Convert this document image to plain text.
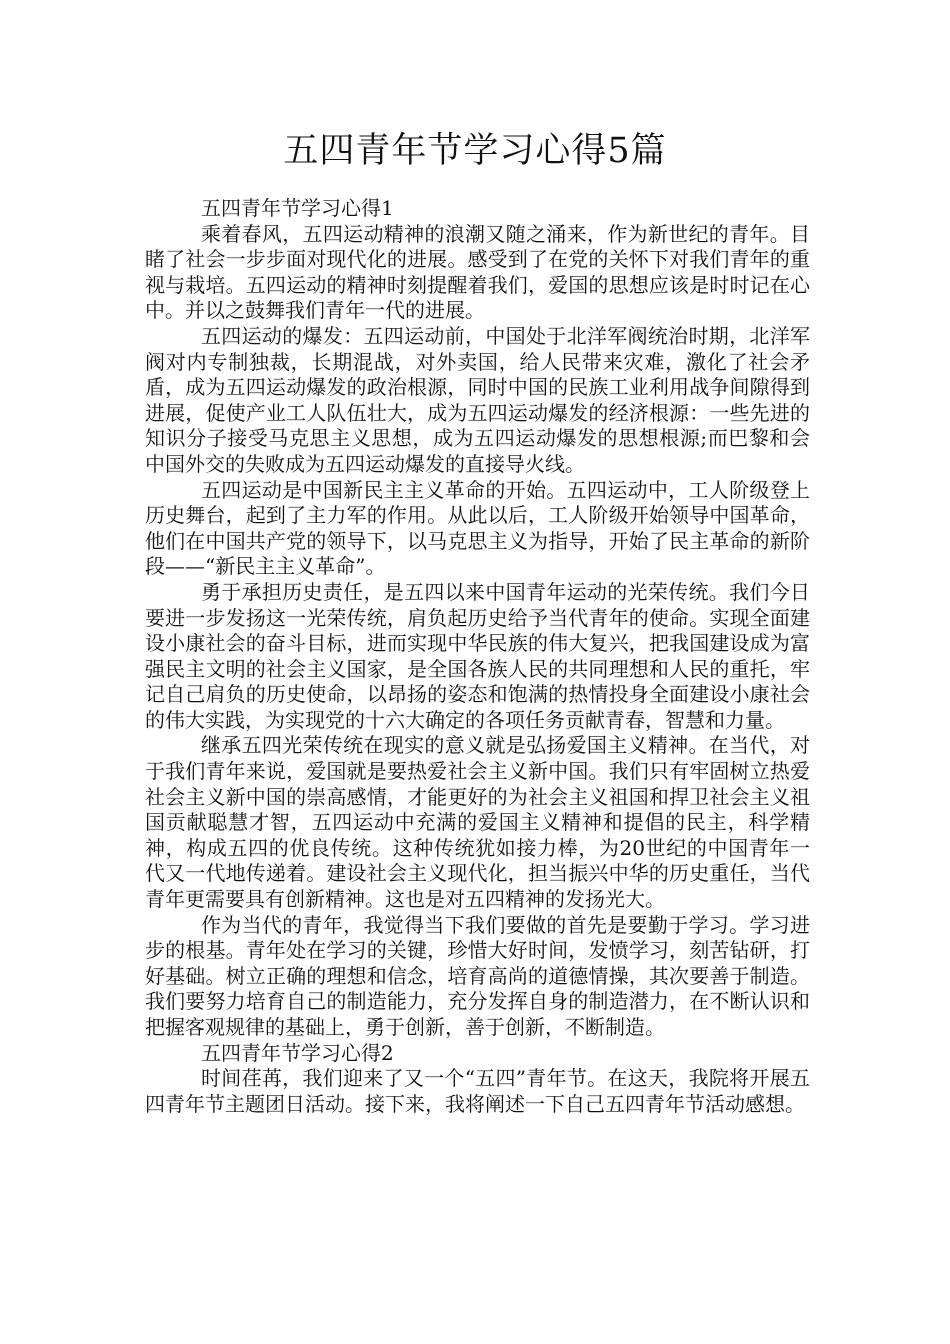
五四青年节学习心得5篇

五四青年节学习心得1

乘着春风，五四运动精神的浪潮又随之涌来，作为新世纪的青年。目睹了社会一步步面对现代化的进展。感受到了在党的关怀下对我们青年的重视与栽培。五四运动的精神时刻提醒着我们，爱国的思想应该是时时记在心中。并以之鼓舞我们青年一代的进展。

五四运动的爆发：五四运动前，中国处于北洋军阀统治时期，北洋军阀对内专制独裁，长期混战，对外卖国，给人民带来灾难，激化了社会矛盾，成为五四运动爆发的政治根源，同时中国的民族工业利用战争间隙得到进展，促使产业工人队伍壮大，成为五四运动爆发的经济根源：一些先进的知识分子接受马克思主义思想，成为五四运动爆发的思想根源;而巴黎和会中国外交的失败成为五四运动爆发的直接导火线。

五四运动是中国新民主主义革命的开始。五四运动中，工人阶级登上历史舞台，起到了主力军的作用。从此以后，工人阶级开始领导中国革命，他们在中国共产党的领导下，以马克思主义为指导，开始了民主革命的新阶段——“新民主主义革命”。

勇于承担历史责任，是五四以来中国青年运动的光荣传统。我们今日要进一步发扬这一光荣传统，肩负起历史给予当代青年的使命。实现全面建设小康社会的奋斗目标，进而实现中华民族的伟大复兴，把我国建设成为富强民主文明的社会主义国家，是全国各族人民的共同理想和人民的重托，牢记自己肩负的历史使命，以昂扬的姿态和饱满的热情投身全面建设小康社会的伟大实践，为实现党的十六大确定的各项任务贡献青春，智慧和力量。

继承五四光荣传统在现实的意义就是弘扬爱国主义精神。在当代，对于我们青年来说，爱国就是要热爱社会主义新中国。我们只有牢固树立热爱社会主义新中国的崇高感情，才能更好的为社会主义祖国和捍卫社会主义祖国贡献聪慧才智，五四运动中充满的爱国主义精神和提倡的民主，科学精神，构成五四的优良传统。这种传统犹如接力棒，为20世纪的中国青年一代又一代地传递着。建设社会主义现代化，担当振兴中华的历史重任，当代青年更需要具有创新精神。这也是对五四精神的发扬光大。

作为当代的青年，我觉得当下我们要做的首先是要勤于学习。学习进步的根基。青年处在学习的关键，珍惜大好时间，发愤学习，刻苦钻研，打好基础。树立正确的理想和信念，培育高尚的道德情操，其次要善于制造。我们要努力培育自己的制造能力，充分发挥自身的制造潜力，在不断认识和把握客观规律的基础上，勇于创新，善于创新，不断制造。

五四青年节学习心得2

时间荏苒，我们迎来了又一个“五四”青年节。在这天，我院将开展五四青年节主题团日活动。接下来，我将阐述一下自己五四青年节活动感想。
